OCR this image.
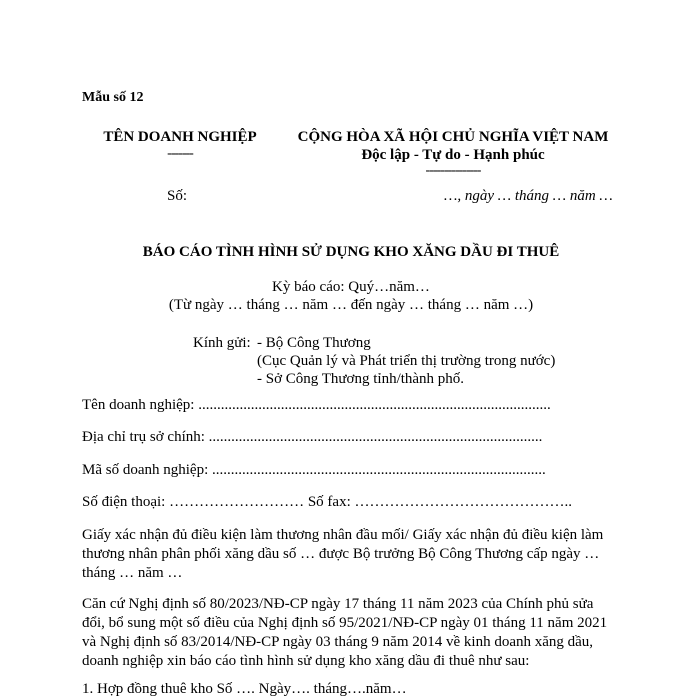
Mẫu số 12
TÊN DOANH NGHIỆP
-------
CỘNG HÒA XÃ HỘI CHỦ NGHĨA VIỆT NAM
Độc lập - Tự do - Hạnh phúc
---------------
Số:	…, ngày … tháng … năm …
BÁO CÁO TÌNH HÌNH SỬ DỤNG KHO XĂNG DẦU ĐI THUÊ
Kỳ báo cáo: Quý…năm…
(Từ ngày … tháng … năm … đến ngày … tháng … năm …)
Kính gửi: - Bộ Công Thương
(Cục Quản lý và Phát triển thị trường trong nước)
- Sở Công Thương tỉnh/thành phố.
Tên doanh nghiệp: ..............................................................................................
Địa chỉ trụ sở chính: .........................................................................................
Mã số doanh nghiệp: .........................................................................................
Số điện thoại: ……………………… Số fax: ……………………………………..
Giấy xác nhận đủ điều kiện làm thương nhân đầu mối/ Giấy xác nhận đủ điều kiện làm thương nhân phân phối xăng dầu số … được Bộ trưởng Bộ Công Thương cấp ngày … tháng … năm …
Căn cứ Nghị định số 80/2023/NĐ-CP ngày 17 tháng 11 năm 2023 của Chính phủ sửa đổi, bổ sung một số điều của Nghị định số 95/2021/NĐ-CP ngày 01 tháng 11 năm 2021 và Nghị định số 83/2014/NĐ-CP ngày 03 tháng 9 năm 2014 về kinh doanh xăng dầu, doanh nghiệp xin báo cáo tình hình sử dụng kho xăng dầu đi thuê như sau:
1. Hợp đồng thuê kho Số …. Ngày…. tháng….năm…
